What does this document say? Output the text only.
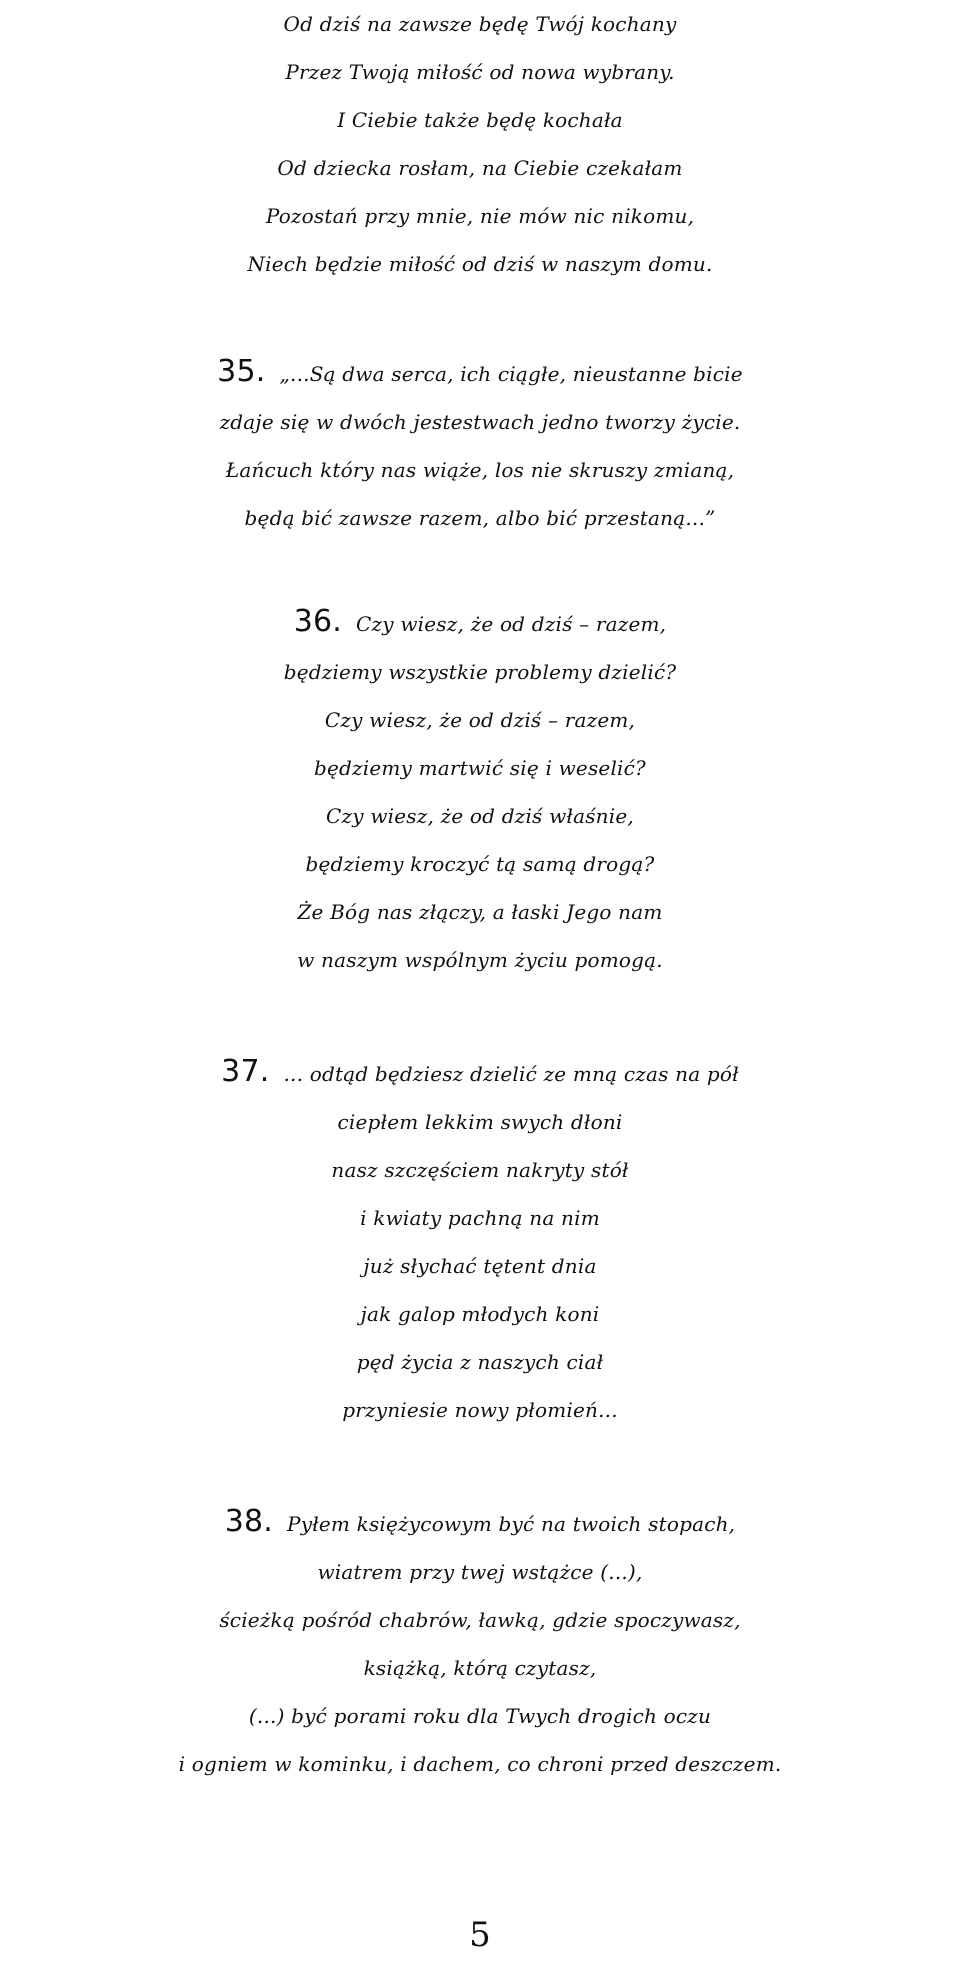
Od dziś na zawsze będę Twój kochany
Przez Twoją miłość od nowa wybrany.
I Ciebie także będę kochała
Od dziecka rosłam, na Ciebie czekałam
Pozostań przy mnie, nie mów nic nikomu,
Niech będzie miłość od dziś w naszym domu.
35. „...Są dwa serca, ich ciągłe, nieustanne bicie
zdaje się w dwóch jestestwach jedno tworzy życie.
Łańcuch który nas wiąże, los nie skruszy zmianą,
będą bić zawsze razem, albo bić przestaną...”
36. Czy wiesz, że od dziś – razem,
będziemy wszystkie problemy dzielić?
Czy wiesz, że od dziś – razem,
będziemy martwić się i weselić?
Czy wiesz, że od dziś właśnie,
będziemy kroczyć tą samą drogą?
Że Bóg nas złączy, a łaski Jego nam
w naszym wspólnym życiu pomogą.
37. ... odtąd będziesz dzielić ze mną czas na pół
ciepłem lekkim swych dłoni
nasz szczęściem nakryty stół
i kwiaty pachną na nim
już słychać tętent dnia
jak galop młodych koni
pęd życia z naszych ciał
przyniesie nowy płomień...
38. Pyłem księżycowym być na twoich stopach,
wiatrem przy twej wstążce (...),
ścieżką pośród chabrów, ławką, gdzie spoczywasz,
książką, którą czytasz,
(...) być porami roku dla Twych drogich oczu
i ogniem w kominku, i dachem, co chroni przed deszczem.
5
